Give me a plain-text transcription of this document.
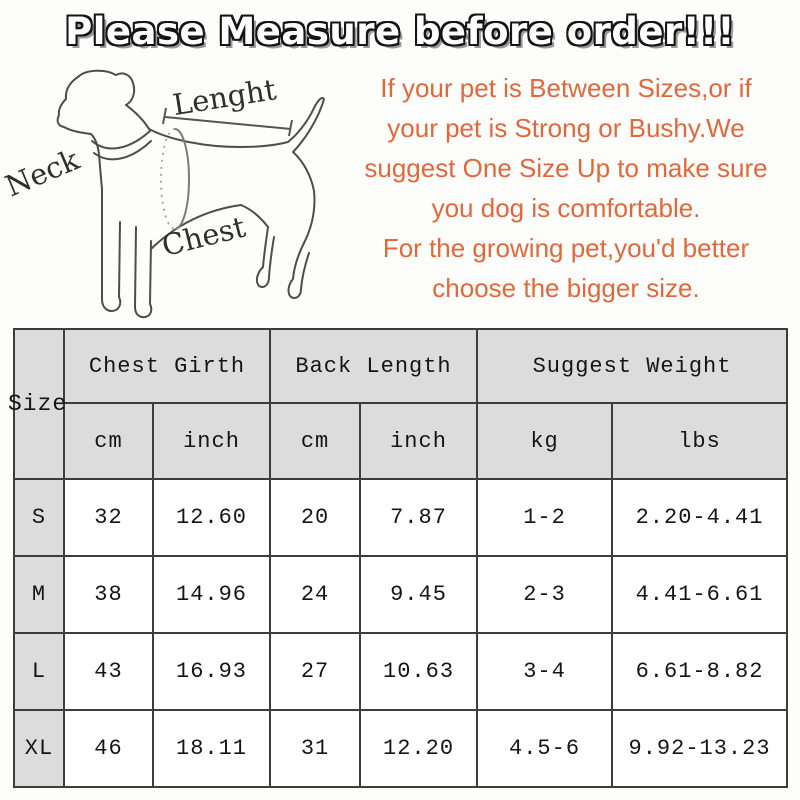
Please Measure before order!!!
Neck
Lenght
Chest
If your pet is Between Sizes,or if
your pet is Strong or Bushy.We
suggest One Size Up to make sure
you dog is comfortable.
For the growing pet,you'd better
choose the bigger size.
Size	Chest Girth		Back Length		Suggest Weight	
	cm	inch	cm	inch	kg	lbs
S	32	12.60	20	7.87	1-2	2.20-4.41
M	38	14.96	24	9.45	2-3	4.41-6.61
L	43	16.93	27	10.63	3-4	6.61-8.82
XL	46	18.11	31	12.20	4.5-6	9.92-13.23
